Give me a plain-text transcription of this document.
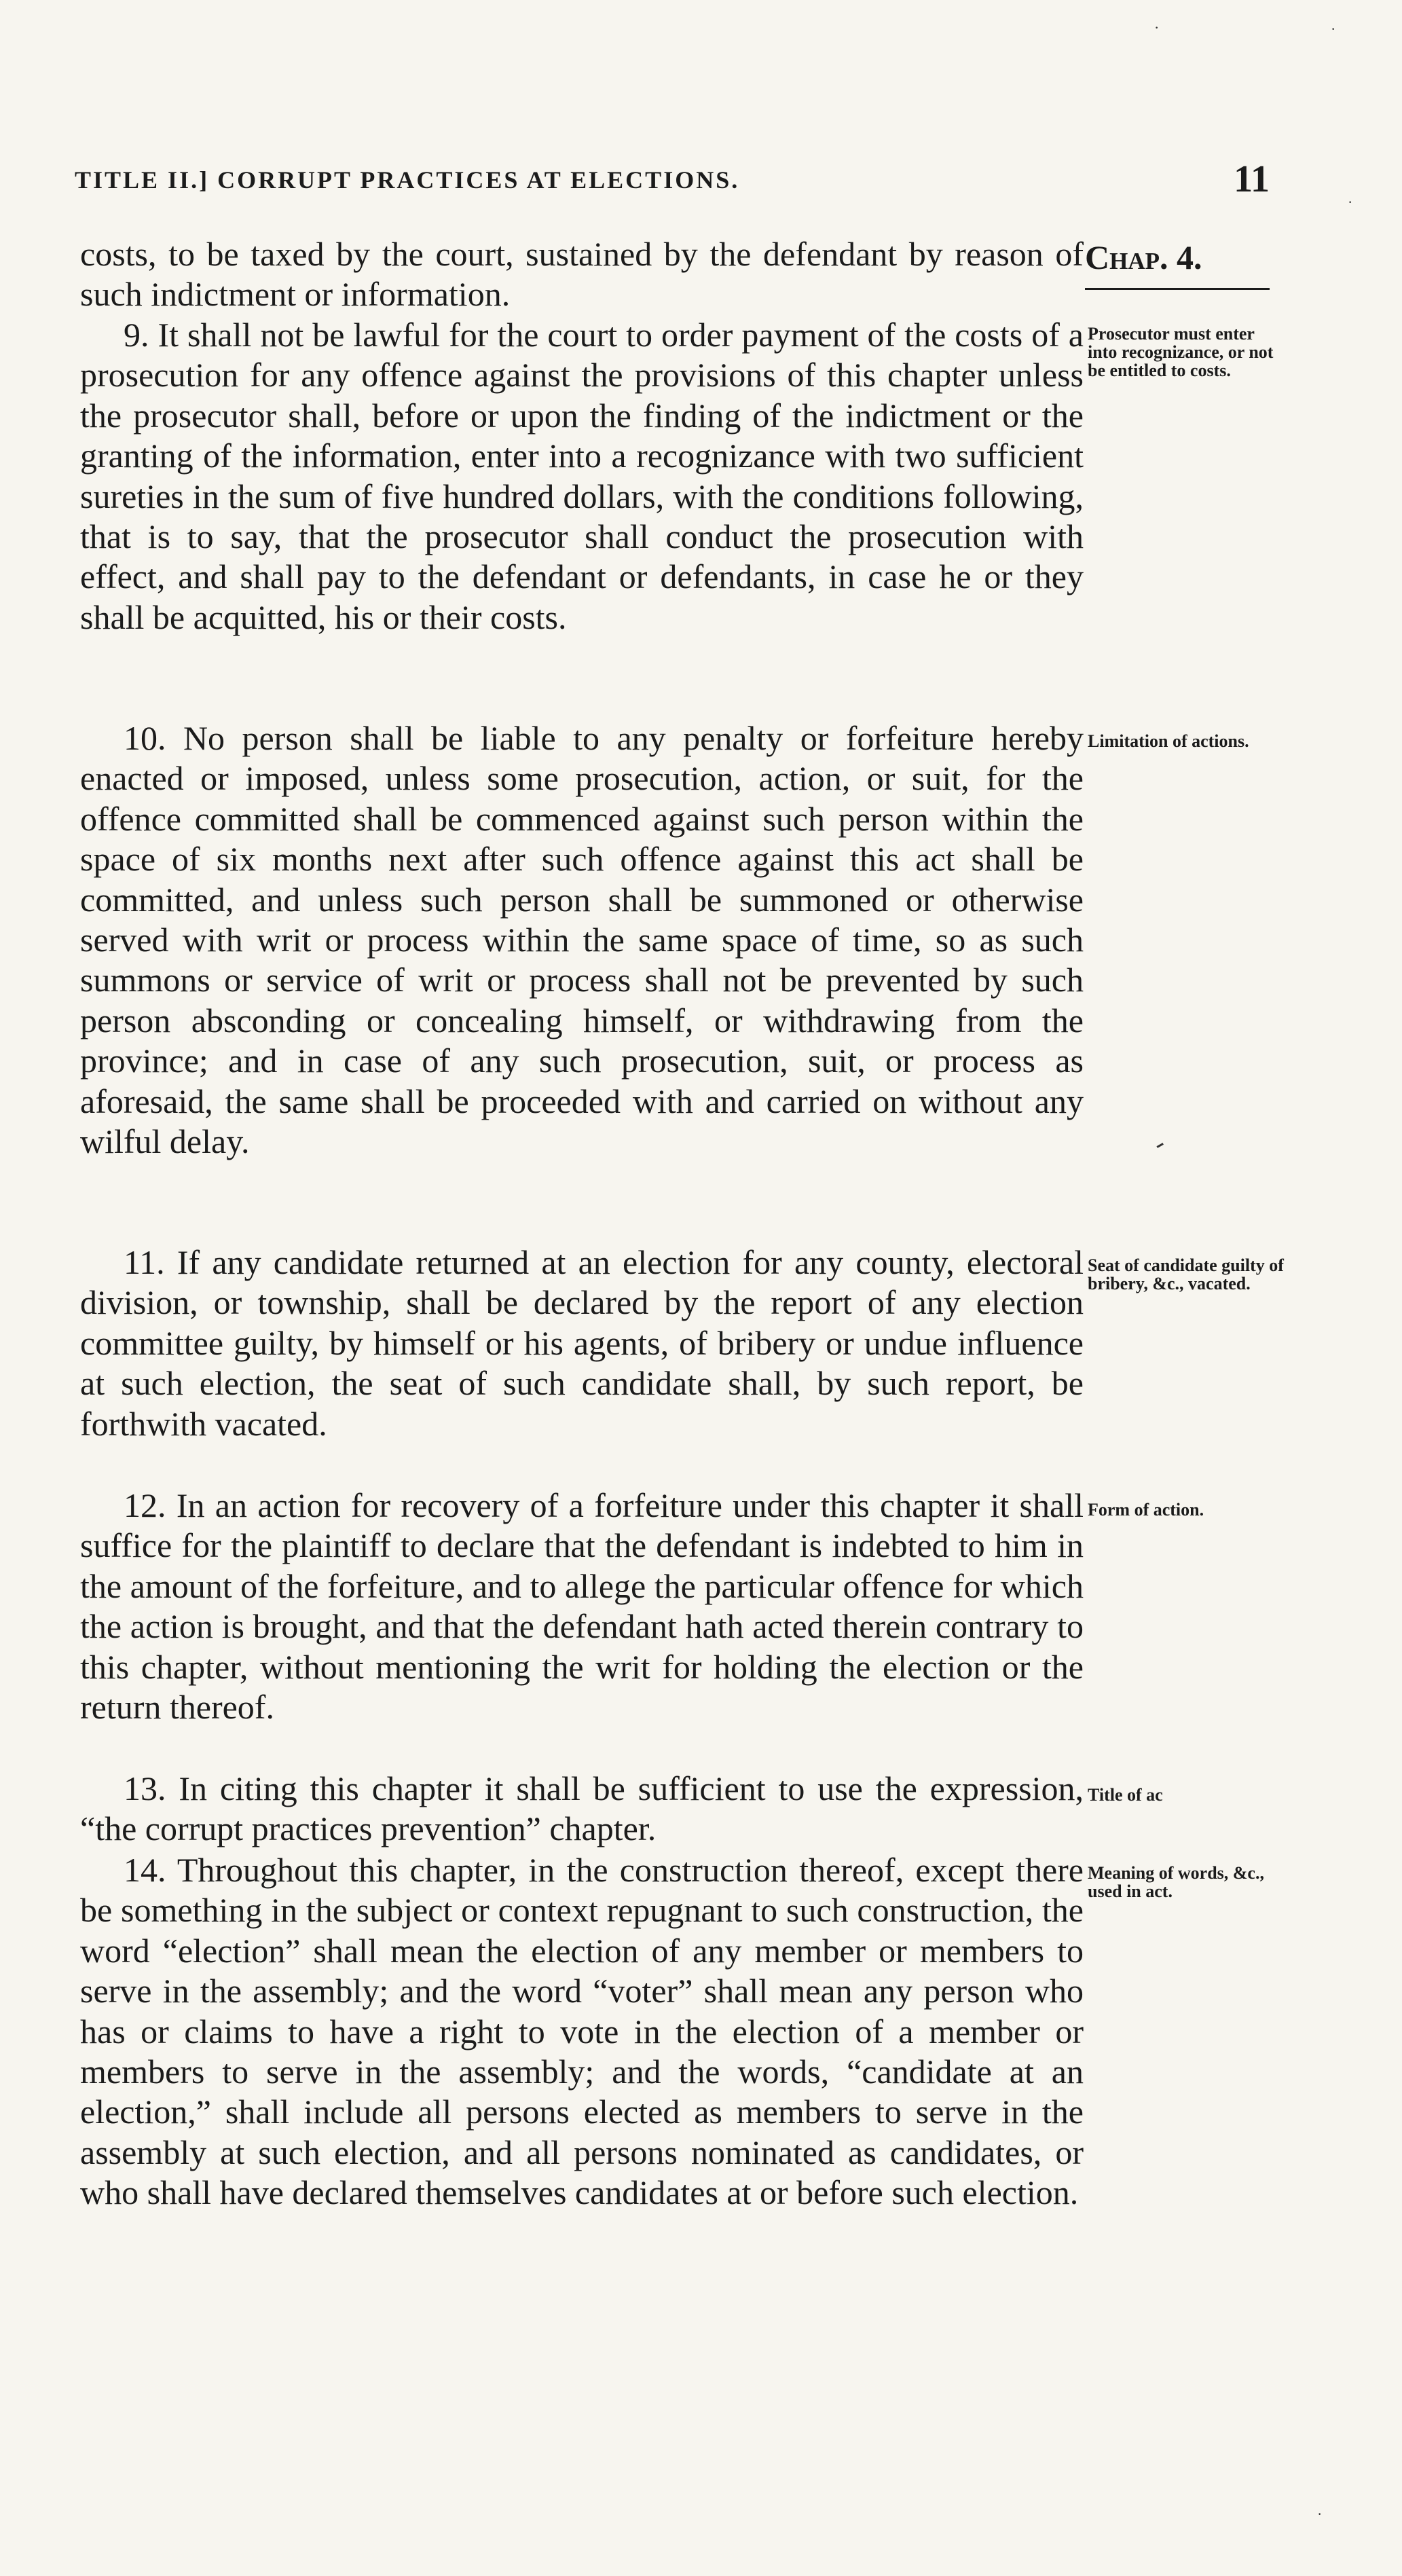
TITLE II.] CORRUPT PRACTICES AT ELECTIONS.	11
Chap. 4.

costs, to be taxed by the court, sustained by the defendant by reason of such indictment or information.

9. It shall not be lawful for the court to order payment of the costs of a prosecution for any offence against the provisions of this chapter unless the prosecutor shall, before or upon the finding of the indictment or the granting of the information, enter into a recognizance with two sufficient sureties in the sum of five hundred dollars, with the conditions following, that is to say, that the prosecutor shall conduct the prosecution with effect, and shall pay to the defendant or defendants, in case he or they shall be acquitted, his or their costs.

Prosecutor must enter into recognizance, or not be entitled to costs.

10. No person shall be liable to any penalty or forfeiture hereby enacted or imposed, unless some prosecution, action, or suit, for the offence committed shall be commenced against such person within the space of six months next after such offence against this act shall be committed, and unless such person shall be summoned or otherwise served with writ or process within the same space of time, so as such summons or service of writ or process shall not be prevented by such person absconding or concealing himself, or withdrawing from the province; and in case of any such prosecution, suit, or process as aforesaid, the same shall be proceeded with and carried on without any wilful delay.

Limitation of actions.

11. If any candidate returned at an election for any county, electoral division, or township, shall be declared by the report of any election committee guilty, by himself or his agents, of bribery or undue influence at such election, the seat of such candidate shall, by such report, be forthwith vacated.

Seat of candidate guilty of bribery, &c., vacated.

12. In an action for recovery of a forfeiture under this chapter it shall suffice for the plaintiff to declare that the defendant is indebted to him in the amount of the forfeiture, and to allege the particular offence for which the action is brought, and that the defendant hath acted therein contrary to this chapter, without mentioning the writ for holding the election or the return thereof.

Form of action.

13. In citing this chapter it shall be sufficient to use the expression, “the corrupt practices prevention” chapter.

Title of ac

14. Throughout this chapter, in the construction thereof, except there be something in the subject or context repugnant to such construction, the word “election” shall mean the election of any member or members to serve in the assembly; and the word “voter” shall mean any person who has or claims to have a right to vote in the election of a member or members to serve in the assembly; and the words, “candidate at an election,” shall include all persons elected as members to serve in the assembly at such election, and all persons nominated as candidates, or who shall have declared themselves candidates at or before such election.

Meaning of words, &c., used in act.
·	·
·
‐
·
